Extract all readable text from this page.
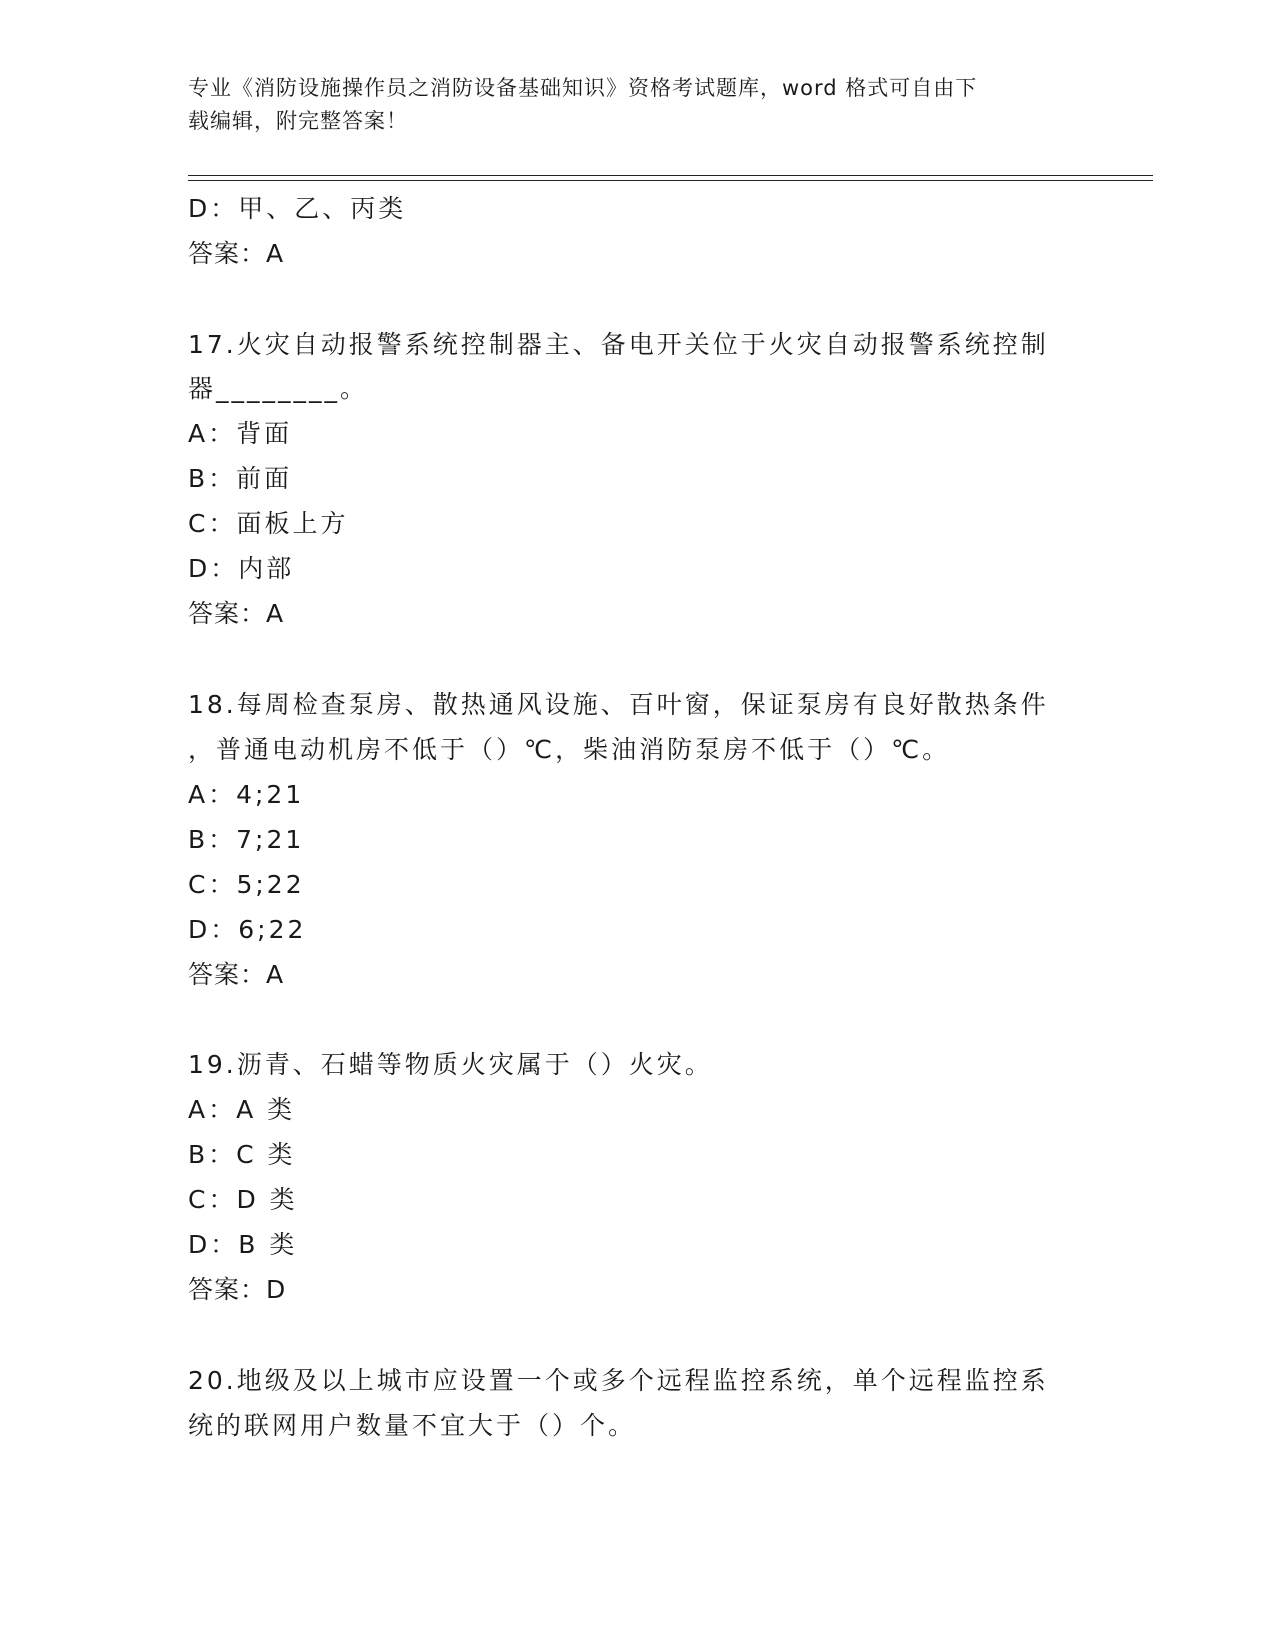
专业《消防设施操作员之消防设备基础知识》资格考试题库，word 格式可自由下
载编辑，附完整答案！
D：甲、乙、丙类
答案：A
17.火灾自动报警系统控制器主、备电开关位于火灾自动报警系统控制
器________。
A：背面
B：前面
C：面板上方
D：内部
答案：A
18.每周检查泵房、散热通风设施、百叶窗，保证泵房有良好散热条件
，普通电动机房不低于（）℃，柴油消防泵房不低于（）℃。
A：4;21
B：7;21
C：5;22
D：6;22
答案：A
19.沥青、石蜡等物质火灾属于（）火灾。
A：A 类
B：C 类
C：D 类
D：B 类
答案：D
20.地级及以上城市应设置一个或多个远程监控系统，单个远程监控系
统的联网用户数量不宜大于（）个。
